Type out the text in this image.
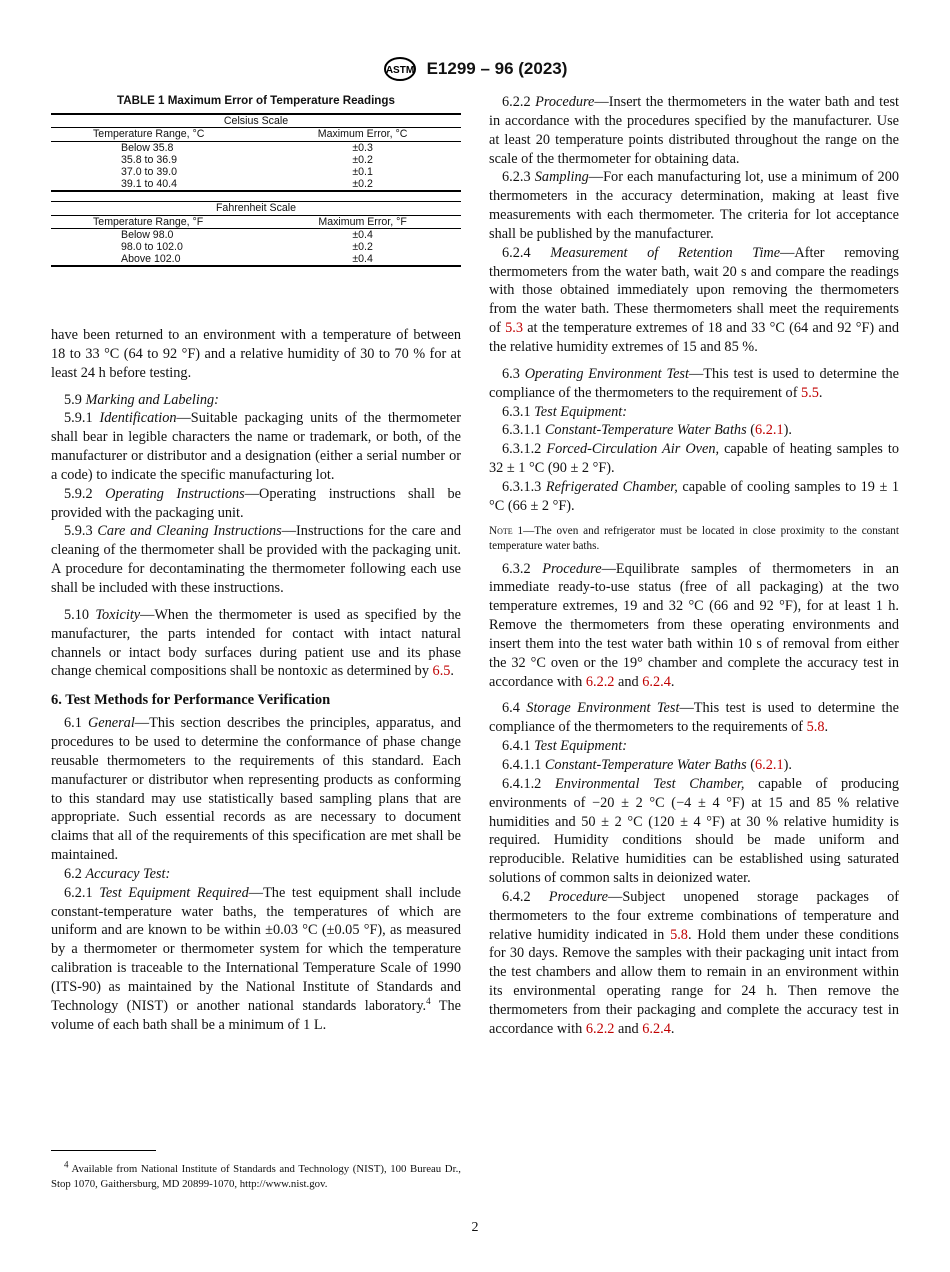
ASTM E1299 – 96 (2023)
TABLE 1 Maximum Error of Temperature Readings
Celsius Scale	
Temperature Range, °C	Maximum Error, °C
Below 35.8	±0.3
35.8 to 36.9	±0.2
37.0 to 39.0	±0.1
39.1 to 40.4	±0.2
Fahrenheit Scale	
Temperature Range, °F	Maximum Error, °F
Below 98.0	±0.4
98.0 to 102.0	±0.2
Above 102.0	±0.4

have been returned to an environment with a temperature of between 18 to 33 °C (64 to 92 °F) and a relative humidity of 30 to 70 % for at least 24 h before testing.

5.9 Marking and Labeling:

5.9.1 Identification—Suitable packaging units of the thermometer shall bear in legible characters the name or trademark, or both, of the manufacturer or distributor and a designation (either a serial number or a code) to indicate the specific manufacturing lot.

5.9.2 Operating Instructions—Operating instructions shall be provided with the packaging unit.

5.9.3 Care and Cleaning Instructions—Instructions for the care and cleaning of the thermometer shall be provided with the packaging unit. A procedure for decontaminating the thermometer following each use shall be included with these instructions.

5.10 Toxicity—When the thermometer is used as specified by the manufacturer, the parts intended for contact with intact natural channels or intact body surfaces during patient use and its phase change chemical compositions shall be nontoxic as determined by 6.5.

6. Test Methods for Performance Verification

6.1 General—This section describes the principles, apparatus, and procedures to be used to determine the conformance of phase change reusable thermometers to the requirements of this standard. Each manufacturer or distributor when representing products as conforming to this standard may use statistically based sampling plans that are appropriate. Such essential records as are necessary to document claims that all of the requirements of this specification are met shall be maintained.

6.2 Accuracy Test:

6.2.1 Test Equipment Required—The test equipment shall include constant-temperature water baths, the temperatures of which are uniform and are known to be within ±0.03 °C (±0.05 °F), as measured by a thermometer or thermometer system for which the temperature calibration is traceable to the International Temperature Scale of 1990 (ITS-90) as maintained by the National Institute of Standards and Technology (NIST) or another national standards laboratory.$^4$ The volume of each bath shall be a minimum of 1 L.

6.2.2 Procedure—Insert the thermometers in the water bath and test in accordance with the procedures specified by the manufacturer. Use at least 20 temperature points distributed throughout the range on the scale of the thermometer for obtaining data.

6.2.3 Sampling—For each manufacturing lot, use a minimum of 200 thermometers in the accuracy determination, making at least five measurements with each thermometer. The criteria for lot acceptance shall be published by the manufacturer.

6.2.4 Measurement of Retention Time—After removing thermometers from the water bath, wait 20 s and compare the readings with those obtained immediately upon removing the thermometers from the water bath. These thermometers shall meet the requirements of 5.3 at the temperature extremes of 18 and 33 °C (64 and 92 °F) and the relative humidity extremes of 15 and 85 %.

6.3 Operating Environment Test—This test is used to determine the compliance of the thermometers to the requirement of 5.5.

6.3.1 Test Equipment:

6.3.1.1 Constant-Temperature Water Baths (6.2.1).

6.3.1.2 Forced-Circulation Air Oven, capable of heating samples to 32 ± 1 °C (90 ± 2 °F).

6.3.1.3 Refrigerated Chamber, capable of cooling samples to 19 ± 1 °C (66 ± 2 °F).

Note 1—The oven and refrigerator must be located in close proximity to the constant temperature water baths.

6.3.2 Procedure—Equilibrate samples of thermometers in an immediate ready-to-use status (free of all packaging) at the two temperature extremes, 19 and 32 °C (66 and 92 °F), for at least 1 h. Remove the thermometers from these operating environments and insert them into the test water bath within 10 s of removal from either the 32 °C oven or the 19° chamber and complete the accuracy test in accordance with 6.2.2 and 6.2.4.

6.4 Storage Environment Test—This test is used to determine the compliance of the thermometers to the requirements of 5.8.

6.4.1 Test Equipment:

6.4.1.1 Constant-Temperature Water Baths (6.2.1).

6.4.1.2 Environmental Test Chamber, capable of producing environments of −20 ± 2 °C (−4 ± 4 °F) at 15 and 85 % relative humidities and 50 ± 2 °C (120 ± 4 °F) at 30 % relative humidity is required. Humidity conditions should be made uniform and reproducible. Relative humidities can be established using saturated solutions of common salts in deionized water.

6.4.2 Procedure—Subject unopened storage packages of thermometers to the four extreme combinations of temperature and relative humidity indicated in 5.8. Hold them under these conditions for 30 days. Remove the samples with their packaging unit intact from the test chambers and allow them to remain in an environment within its environmental operating range for 24 h. Then remove the thermometers from their packaging and complete the accuracy test in accordance with 6.2.2 and 6.2.4.

$^4$ Available from National Institute of Standards and Technology (NIST), 100 Bureau Dr., Stop 1070, Gaithersburg, MD 20899-1070, http://www.nist.gov.

2
